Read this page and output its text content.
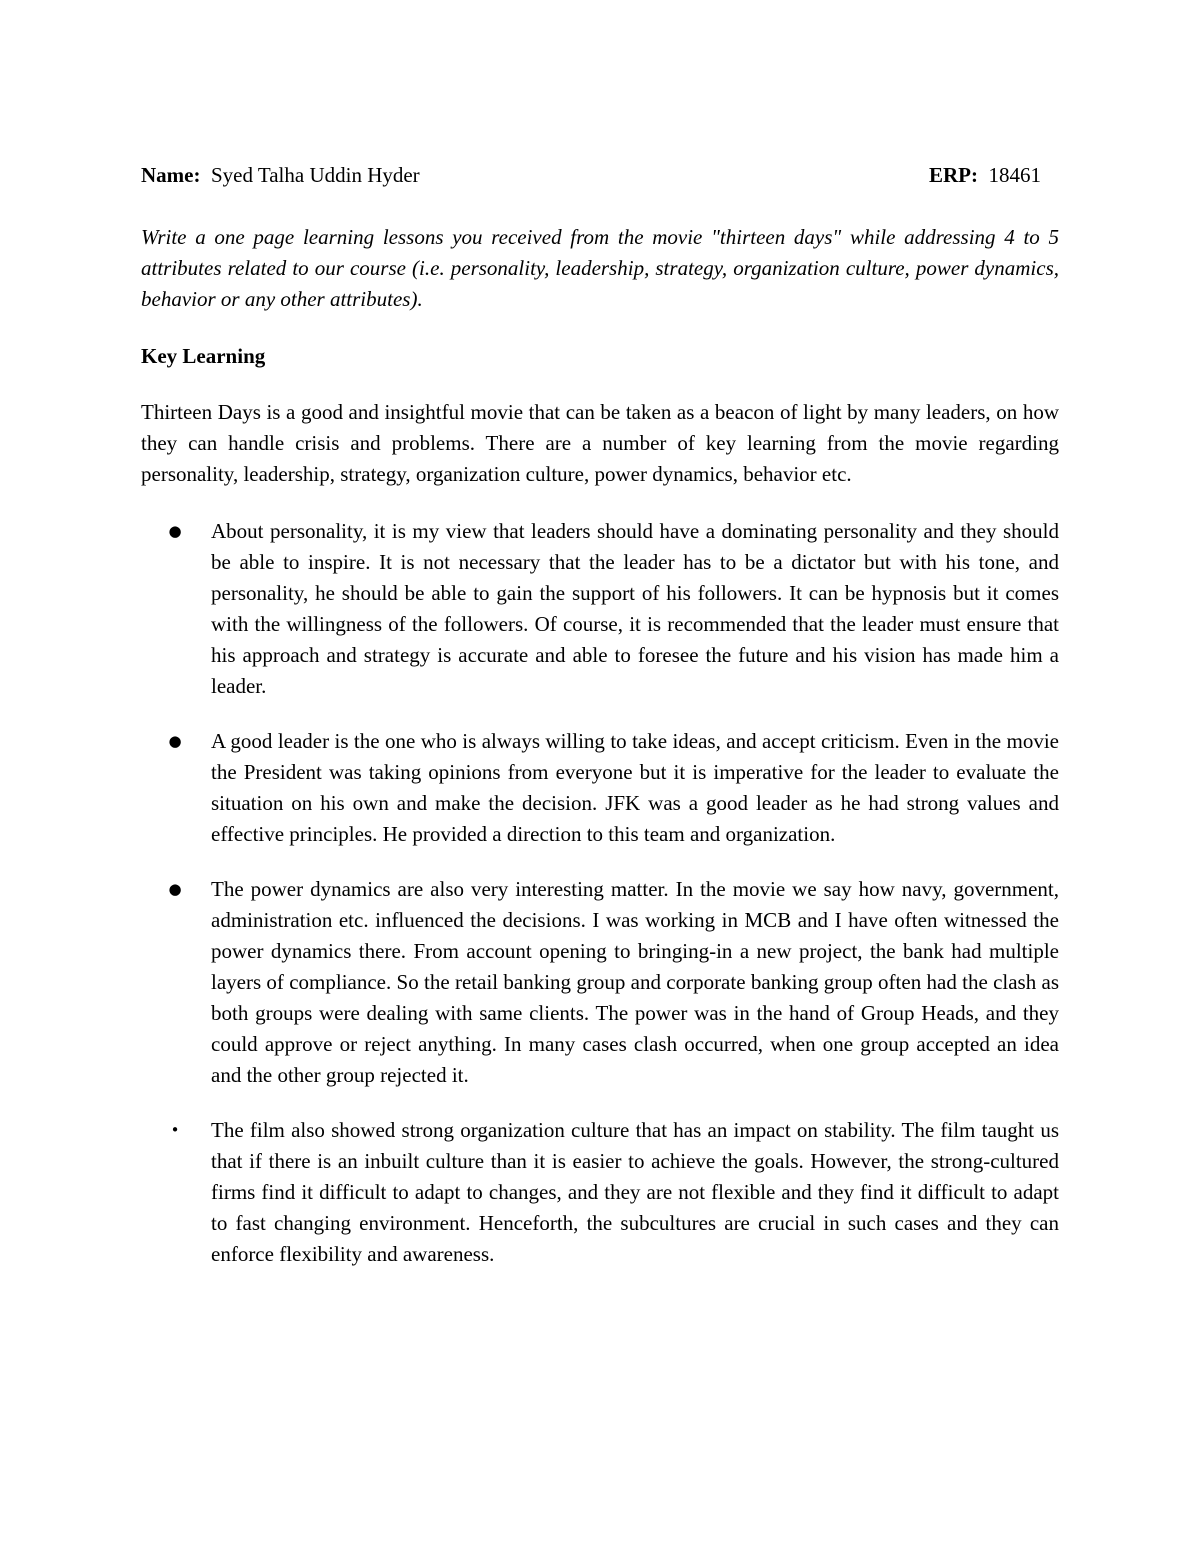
Name: Syed Talha Uddin Hyder	ERP: 18461

Write a one page learning lessons you received from the movie "thirteen days" while addressing 4 to 5 attributes related to our course (i.e. personality, leadership, strategy, organization culture, power dynamics, behavior or any other attributes).

Key Learning

Thirteen Days is a good and insightful movie that can be taken as a beacon of light by many leaders, on how they can handle crisis and problems. There are a number of key learning from the movie regarding personality, leadership, strategy, organization culture, power dynamics, behavior etc.

● About personality, it is my view that leaders should have a dominating personality and they should be able to inspire. It is not necessary that the leader has to be a dictator but with his tone, and personality, he should be able to gain the support of his followers. It can be hypnosis but it comes with the willingness of the followers. Of course, it is recommended that the leader must ensure that his approach and strategy is accurate and able to foresee the future and his vision has made him a leader.
● A good leader is the one who is always willing to take ideas, and accept criticism. Even in the movie the President was taking opinions from everyone but it is imperative for the leader to evaluate the situation on his own and make the decision. JFK was a good leader as he had strong values and effective principles. He provided a direction to this team and organization.
● The power dynamics are also very interesting matter. In the movie we say how navy, government, administration etc. influenced the decisions. I was working in MCB and I have often witnessed the power dynamics there. From account opening to bringing-in a new project, the bank had multiple layers of compliance. So the retail banking group and corporate banking group often had the clash as both groups were dealing with same clients. The power was in the hand of Group Heads, and they could approve or reject anything. In many cases clash occurred, when one group accepted an idea and the other group rejected it.
• The film also showed strong organization culture that has an impact on stability. The film taught us that if there is an inbuilt culture than it is easier to achieve the goals. However, the strong-cultured firms find it difficult to adapt to changes, and they are not flexible and they find it difficult to adapt to fast changing environment. Henceforth, the subcultures are crucial in such cases and they can enforce flexibility and awareness.
